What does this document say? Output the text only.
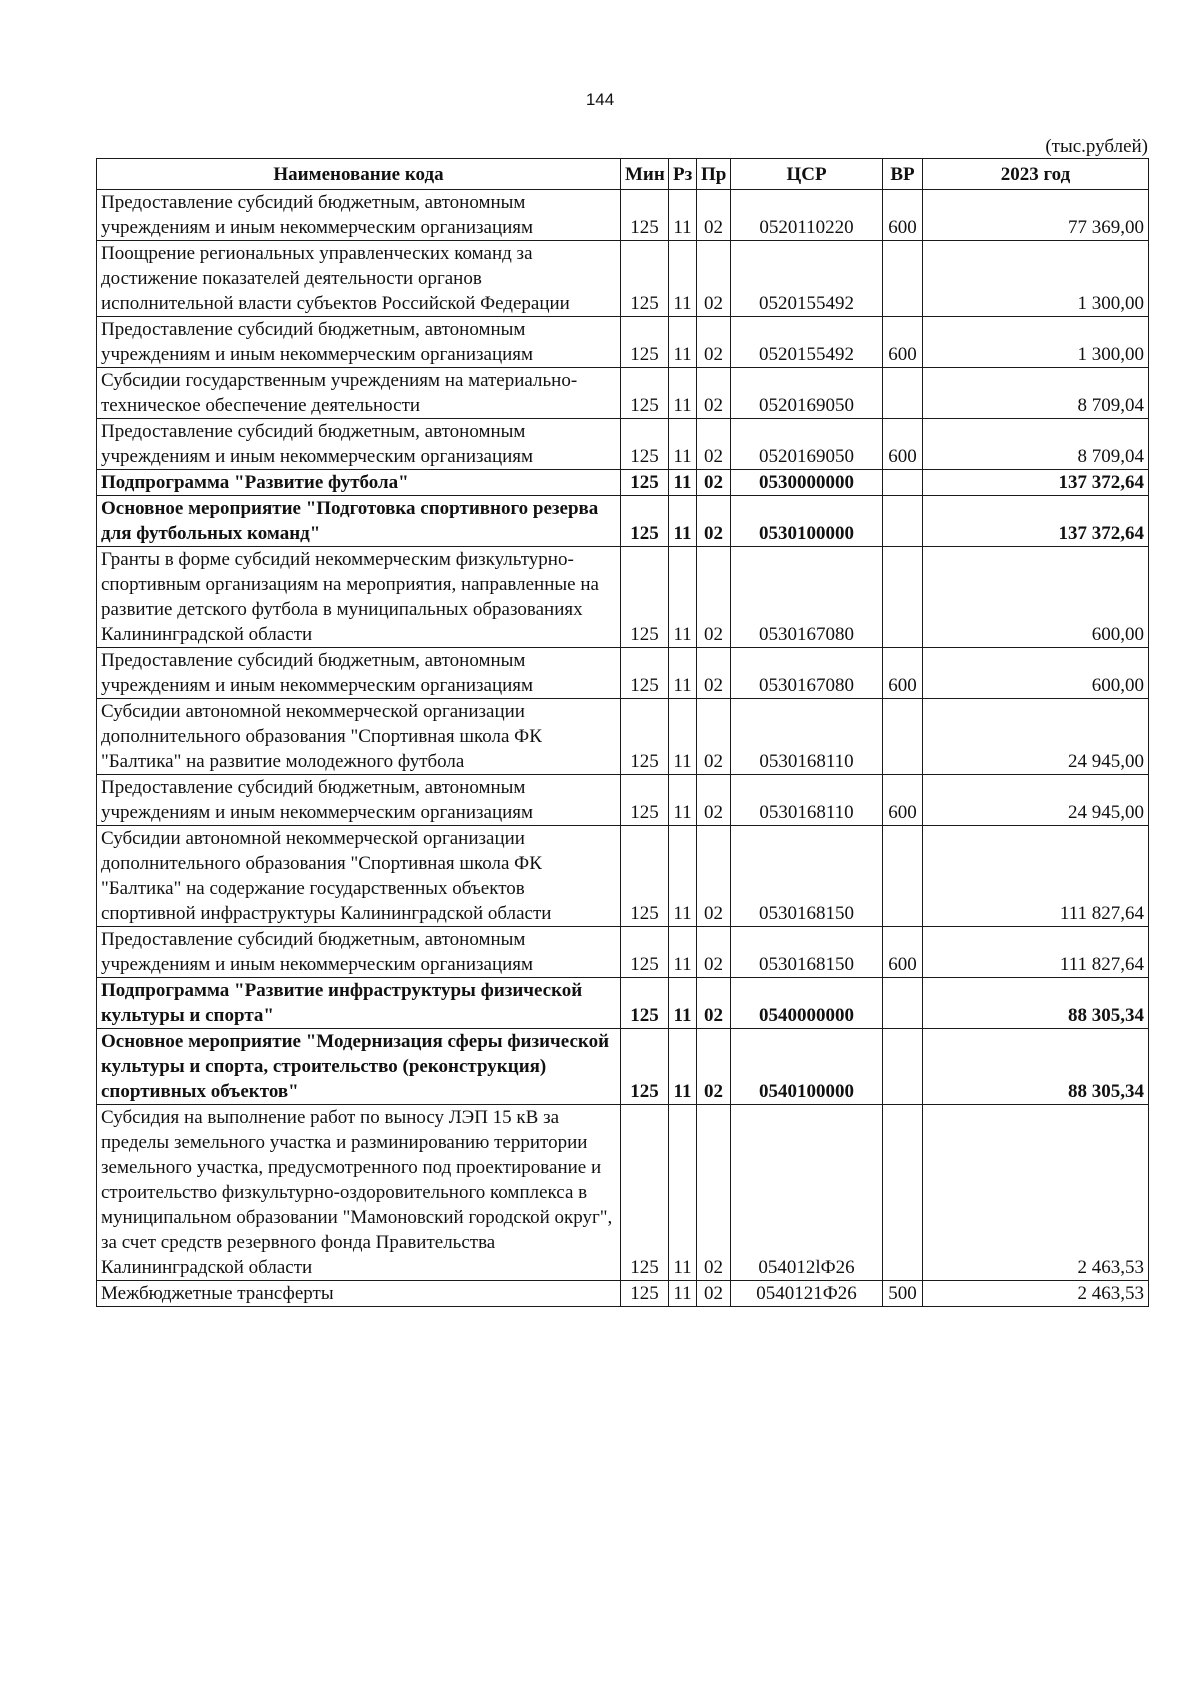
144
(тыс.рублей)
Наименование кода	Мин	Рз	Пр	ЦСР	ВР	2023 год
Предоставление субсидий бюджетным, автономным учреждениям и иным некоммерческим организациям	125	11	02	0520110220	600	77 369,00
Поощрение региональных управленческих команд за достижение показателей деятельности органов исполнительной власти субъектов Российской Федерации	125	11	02	0520155492		1 300,00
Предоставление субсидий бюджетным, автономным учреждениям и иным некоммерческим организациям	125	11	02	0520155492	600	1 300,00
Субсидии государственным учреждениям на материально-техническое обеспечение деятельности	125	11	02	0520169050		8 709,04
Предоставление субсидий бюджетным, автономным учреждениям и иным некоммерческим организациям	125	11	02	0520169050	600	8 709,04
Подпрограмма "Развитие футбола"	125	11	02	0530000000		137 372,64
Основное мероприятие "Подготовка спортивного резерва для футбольных команд"	125	11	02	0530100000		137 372,64
Гранты в форме субсидий некоммерческим физкультурно-спортивным организациям на мероприятия, направленные на развитие детского футбола в муниципальных образованиях Калининградской области	125	11	02	0530167080		600,00
Предоставление субсидий бюджетным, автономным учреждениям и иным некоммерческим организациям	125	11	02	0530167080	600	600,00
Субсидии автономной некоммерческой организации дополнительного образования "Спортивная школа ФК "Балтика" на развитие молодежного футбола	125	11	02	0530168110		24 945,00
Предоставление субсидий бюджетным, автономным учреждениям и иным некоммерческим организациям	125	11	02	0530168110	600	24 945,00
Субсидии автономной некоммерческой организации дополнительного образования "Спортивная школа ФК "Балтика" на содержание государственных объектов спортивной инфраструктуры Калининградской области	125	11	02	0530168150		111 827,64
Предоставление субсидий бюджетным, автономным учреждениям и иным некоммерческим организациям	125	11	02	0530168150	600	111 827,64
Подпрограмма "Развитие инфраструктуры физической культуры и спорта"	125	11	02	0540000000		88 305,34
Основное мероприятие "Модернизация сферы физической культуры и спорта, строительство (реконструкция) спортивных объектов"	125	11	02	0540100000		88 305,34
Субсидия на выполнение работ по выносу ЛЭП 15 кВ за пределы земельного участка и разминированию территории земельного участка, предусмотренного под проектирование и строительство физкультурно-оздоровительного комплекса в муниципальном образовании "Мамоновский городской округ", за счет средств резервного фонда Правительства Калининградской области	125	11	02	054012lФ26		2 463,53
Межбюджетные трансферты	125	11	02	0540121Ф26	500	2 463,53
